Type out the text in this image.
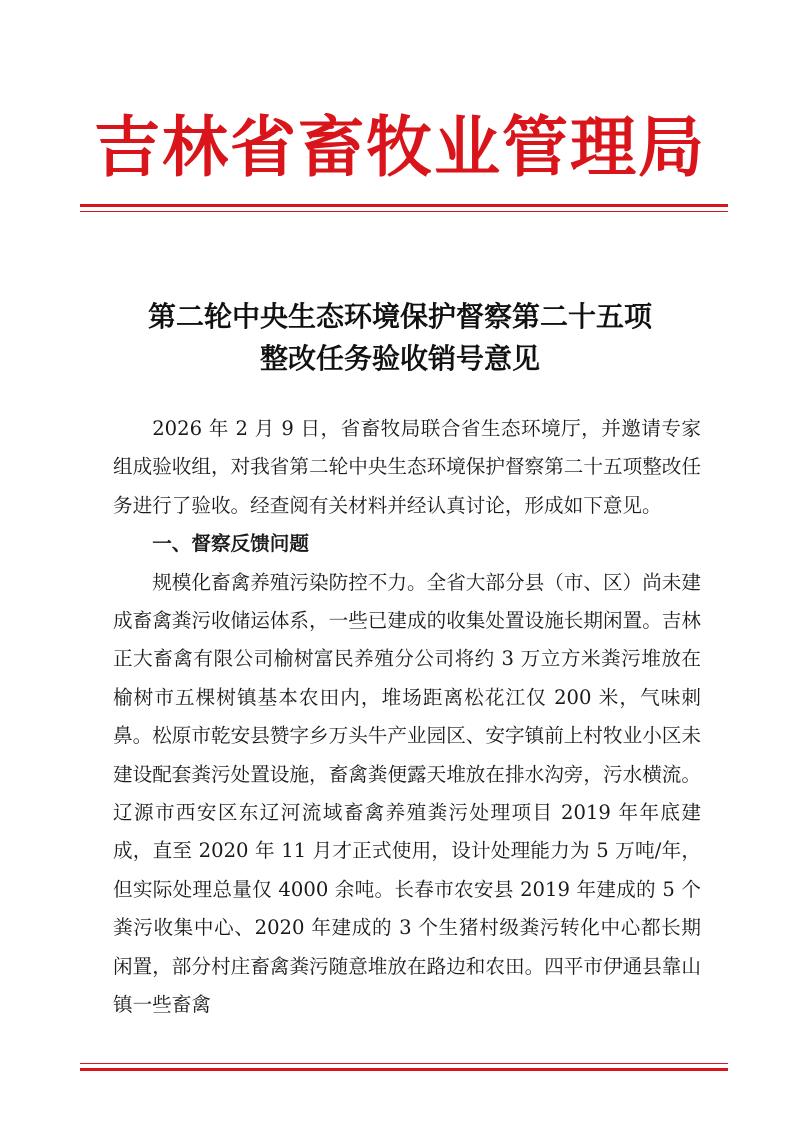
吉林省畜牧业管理局
第二轮中央生态环境保护督察第二十五项
整改任务验收销号意见

2026 年 2 月 9 日，省畜牧局联合省生态环境厅，并邀请专家组成验收组，对我省第二轮中央生态环境保护督察第二十五项整改任务进行了验收。经查阅有关材料并经认真讨论，形成如下意见。

一、督察反馈问题

规模化畜禽养殖污染防控不力。全省大部分县（市、区）尚未建成畜禽粪污收储运体系，一些已建成的收集处置设施长期闲置。吉林正大畜禽有限公司榆树富民养殖分公司将约 3 万立方米粪污堆放在榆树市五棵树镇基本农田内，堆场距离松花江仅 200 米，气味刺鼻。松原市乾安县赞字乡万头牛产业园区、安字镇前上村牧业小区未建设配套粪污处置设施，畜禽粪便露天堆放在排水沟旁，污水横流。辽源市西安区东辽河流域畜禽养殖粪污处理项目 2019 年年底建成，直至 2020 年 11 月才正式使用，设计处理能力为 5 万吨/年，但实际处理总量仅 4000 余吨。长春市农安县 2019 年建成的 5 个粪污收集中心、2020 年建成的 3 个生猪村级粪污转化中心都长期闲置，部分村庄畜禽粪污随意堆放在路边和农田。四平市伊通县靠山镇一些畜禽
